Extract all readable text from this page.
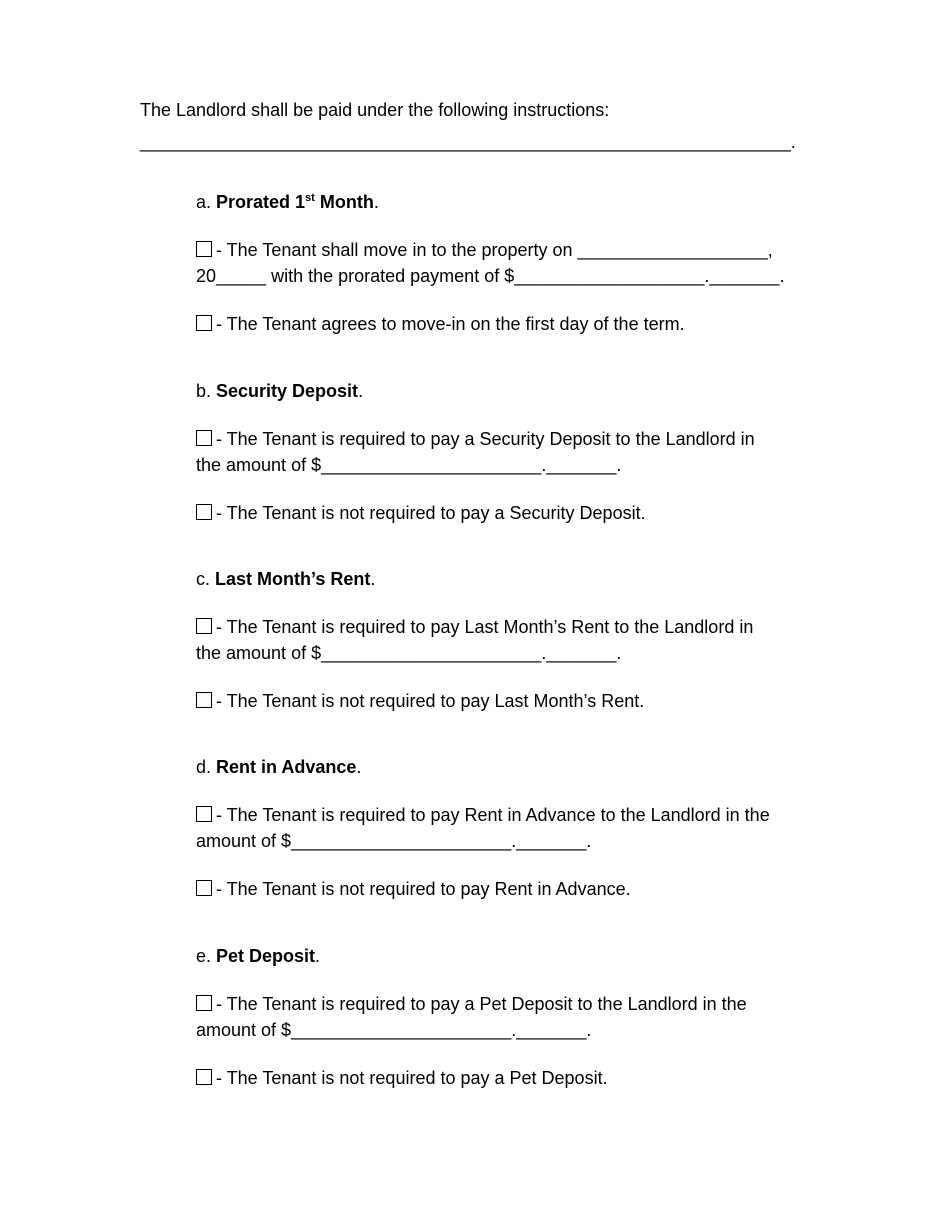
The Landlord shall be paid under the following instructions:

_________________________________________________________________.

a. Prorated 1st Month.

- The Tenant shall move in to the property on ___________________,

20_____ with the prorated payment of $___________________._______.

- The Tenant agrees to move-in on the first day of the term.

b. Security Deposit.

- The Tenant is required to pay a Security Deposit to the Landlord in

the amount of $______________________._______.

- The Tenant is not required to pay a Security Deposit.

c. Last Month’s Rent.

- The Tenant is required to pay Last Month’s Rent to the Landlord in

the amount of $______________________._______.

- The Tenant is not required to pay Last Month’s Rent.

d. Rent in Advance.

- The Tenant is required to pay Rent in Advance to the Landlord in the

amount of $______________________._______.

- The Tenant is not required to pay Rent in Advance.

e. Pet Deposit.

- The Tenant is required to pay a Pet Deposit to the Landlord in the

amount of $______________________._______.

- The Tenant is not required to pay a Pet Deposit.
